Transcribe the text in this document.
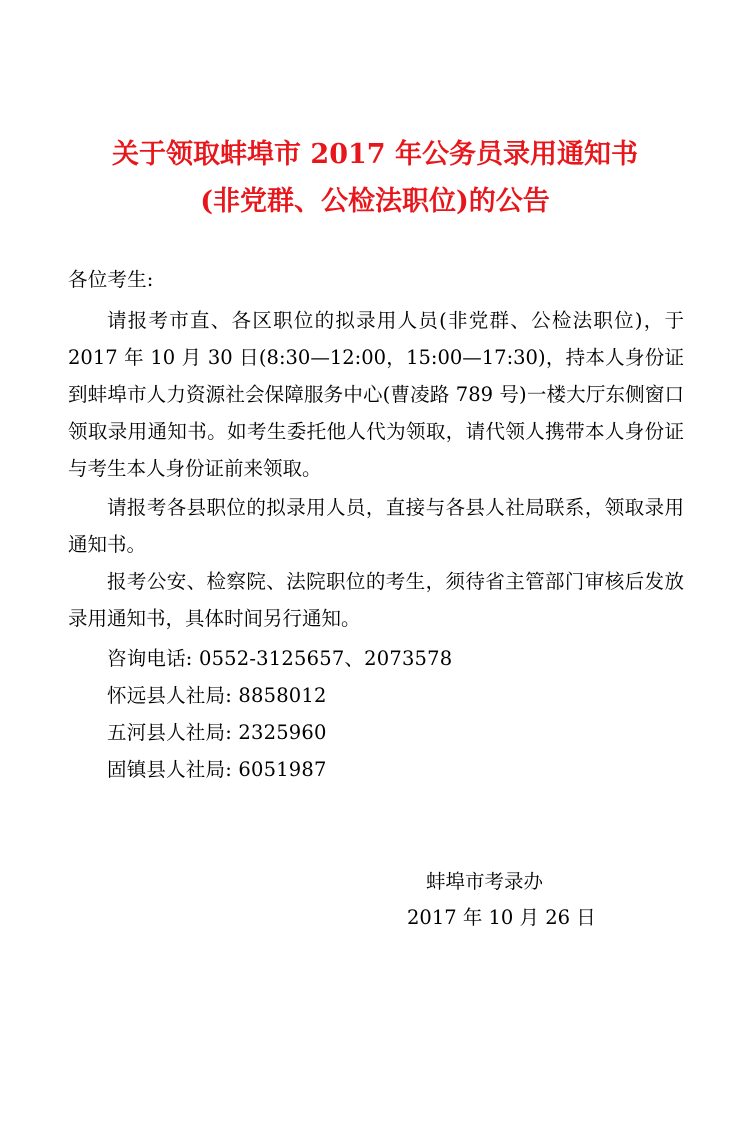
关于领取蚌埠市 2017 年公务员录用通知书
(非党群、公检法职位)的公告
各位考生:
请报考市直、各区职位的拟录用人员(非党群、公检法职位)，于 2017 年 10 月 30 日(8:30—12:00，15:00—17:30)，持本人身份证到蚌埠市人力资源社会保障服务中心(曹凌路 789 号)一楼大厅东侧窗口领取录用通知书。如考生委托他人代为领取，请代领人携带本人身份证与考生本人身份证前来领取。
请报考各县职位的拟录用人员，直接与各县人社局联系，领取录用通知书。
报考公安、检察院、法院职位的考生，须待省主管部门审核后发放录用通知书，具体时间另行通知。
咨询电话: 0552-3125657、2073578
怀远县人社局: 8858012
五河县人社局: 2325960
固镇县人社局: 6051987
蚌埠市考录办
2017 年 10 月 26 日
